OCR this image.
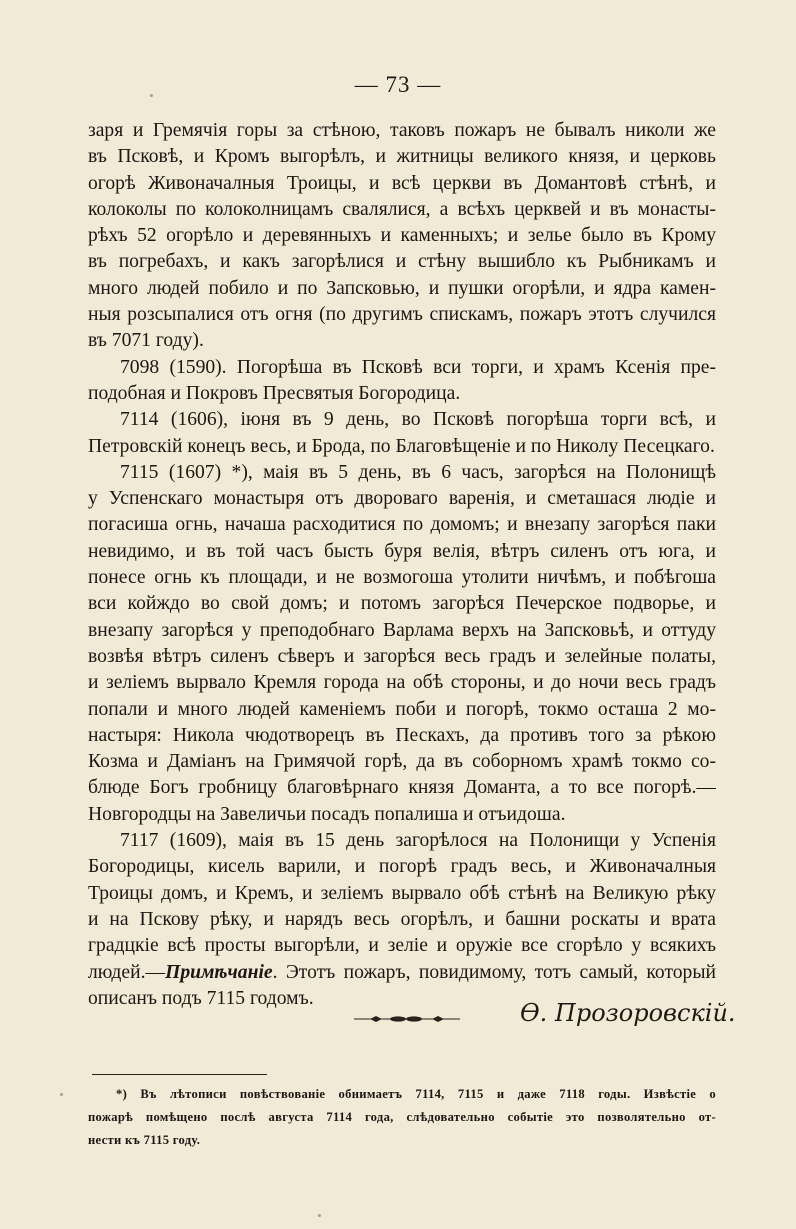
— 73 —

заря и Гремячія горы за стѣною, таковъ пожаръ не бывалъ николи же
въ Псковѣ, и Кромъ выгорѣлъ, и житницы великого князя, и церковь
огорѣ Живоначалныя Троицы, и всѣ церкви въ Домантовѣ стѣнѣ, и
колоколы по колоколницамъ свалялися, а всѣхъ церквей и въ монасты-
рѣхъ 52 огорѣло и деревянныхъ и каменныхъ; и зелье было въ Крому
въ погребахъ, и какъ загорѣлися и стѣну вышибло къ Рыбникамъ и
много людей побило и по Запсковью, и пушки огорѣли, и ядра камен-
ныя розсыпалися отъ огня (по другимъ спискамъ, пожаръ этотъ случился
въ 7071 году).

7098 (1590). Погорѣша въ Псковѣ вси торги, и храмъ Ксенія пре-
подобная и Покровъ Пресвятыя Богородица.

7114 (1606), іюня въ 9 день, во Псковѣ погорѣша торги всѣ, и
Петровскій конецъ весь, и Брода, по Благовѣщеніе и по Николу Песецкаго.

7115 (1607) *), маія въ 5 день, въ 6 часъ, загорѣся на Полонищѣ
у Успенскаго монастыря отъ двороваго варенія, и сметашася людіе и
погасиша огнь, начаша расходитися по домомъ; и внезапу загорѣся паки
невидимо, и въ той часъ бысть буря велія, вѣтръ силенъ отъ юга, и
понесе огнь къ площади, и не возмогоша утолити ничѣмъ, и побѣгоша
вси койждо во свой домъ; и потомъ загорѣся Печерское подворье, и
внезапу загорѣся у преподобнаго Варлама верхъ на Запсковьѣ, и оттуду
возвѣя вѣтръ силенъ сѣверъ и загорѣся весь градъ и зелейные полаты,
и зеліемъ вырвало Кремля города на обѣ стороны, и до ночи весь градъ
попали и много людей каменіемъ поби и погорѣ, токмо осташа 2 мо-
настыря: Никола чюдотворецъ въ Пескахъ, да противъ того за рѣкою
Козма и Даміанъ на Гримячой горѣ, да въ соборномъ храмѣ токмо со-
блюде Богъ гробницу благовѣрнаго князя Доманта, а то все погорѣ.—
Новгородцы на Завеличьи посадъ попалиша и отъидоша.

7117 (1609), маія въ 15 день загорѣлося на Полонищи у Успенія
Богородицы, кисель варили, и погорѣ градъ весь, и Живоначалныя
Троицы домъ, и Кремъ, и зеліемъ вырвало обѣ стѣнѣ на Великую рѣку
и на Пскову рѣку, и нарядъ весь огорѣлъ, и башни роскаты и врата
градцкіе всѣ просты выгорѣли, и зеліе и оружіе все сгорѣло у всякихъ
людей.—Примѣчаніе. Этотъ пожаръ, повидимому, тотъ самый, который
описанъ подъ 7115 годомъ.

Ѳ. Прозоровскій.
*) Въ лѣтописи повѣствованіе обнимаетъ 7114, 7115 и даже 7118 годы. Извѣстіе о
пожарѣ помѣщено послѣ августа 7114 года, слѣдовательно событіе это позволятельно от-
нести къ 7115 году.
